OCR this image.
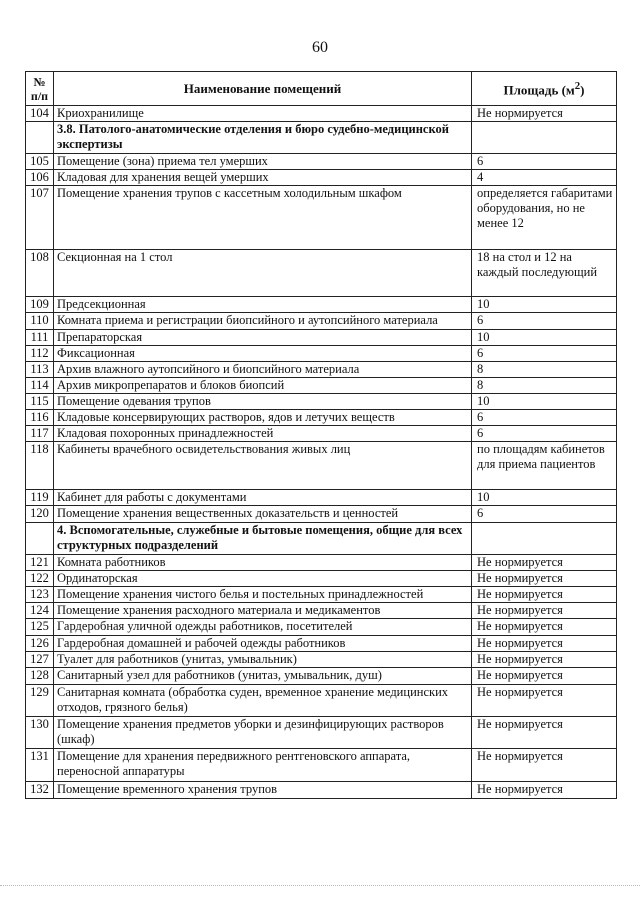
60
№
п/п	Наименование помещений	Площадь $(м^2)$
104	Криохранилище	Не нормируется
	3.8. Патолого-анатомические отделения и бюро судебно-медицинской экспертизы	
105	Помещение (зона) приема тел умерших	6
106	Кладовая для хранения вещей умерших	4
107	Помещение хранения трупов с кассетным холодильным шкафом	определяется габаритами оборудования, но не менее 12
108	Секционная на 1 стол	18 на стол и 12 на каждый последующий
109	Предсекционная	10
110	Комната приема и регистрации биопсийного и аутопсийного материала	6
111	Препараторская	10
112	Фиксационная	6
113	Архив влажного аутопсийного и биопсийного материала	8
114	Архив микропрепаратов и блоков биопсий	8
115	Помещение одевания трупов	10
116	Кладовые консервирующих растворов, ядов и летучих веществ	6
117	Кладовая похоронных принадлежностей	6
118	Кабинеты врачебного освидетельствования живых лиц	по площадям кабинетов для приема пациентов
119	Кабинет для работы с документами	10
120	Помещение хранения вещественных доказательств и ценностей	6
	4. Вспомогательные, служебные и бытовые помещения, общие для всех структурных подразделений	
121	Комната работников	Не нормируется
122	Ординаторская	Не нормируется
123	Помещение хранения чистого белья и постельных принадлежностей	Не нормируется
124	Помещение хранения расходного материала и медикаментов	Не нормируется
125	Гардеробная уличной одежды работников, посетителей	Не нормируется
126	Гардеробная домашней и рабочей одежды работников	Не нормируется
127	Туалет для работников (унитаз, умывальник)	Не нормируется
128	Санитарный узел для работников (унитаз, умывальник, душ)	Не нормируется
129	Санитарная комната (обработка суден, временное хранение медицинских отходов, грязного белья)	Не нормируется
130	Помещение хранения предметов уборки и дезинфицирующих растворов (шкаф)	Не нормируется
131	Помещение для хранения передвижного рентгеновского аппарата, переносной аппаратуры	Не нормируется
132	Помещение временного хранения трупов	Не нормируется
